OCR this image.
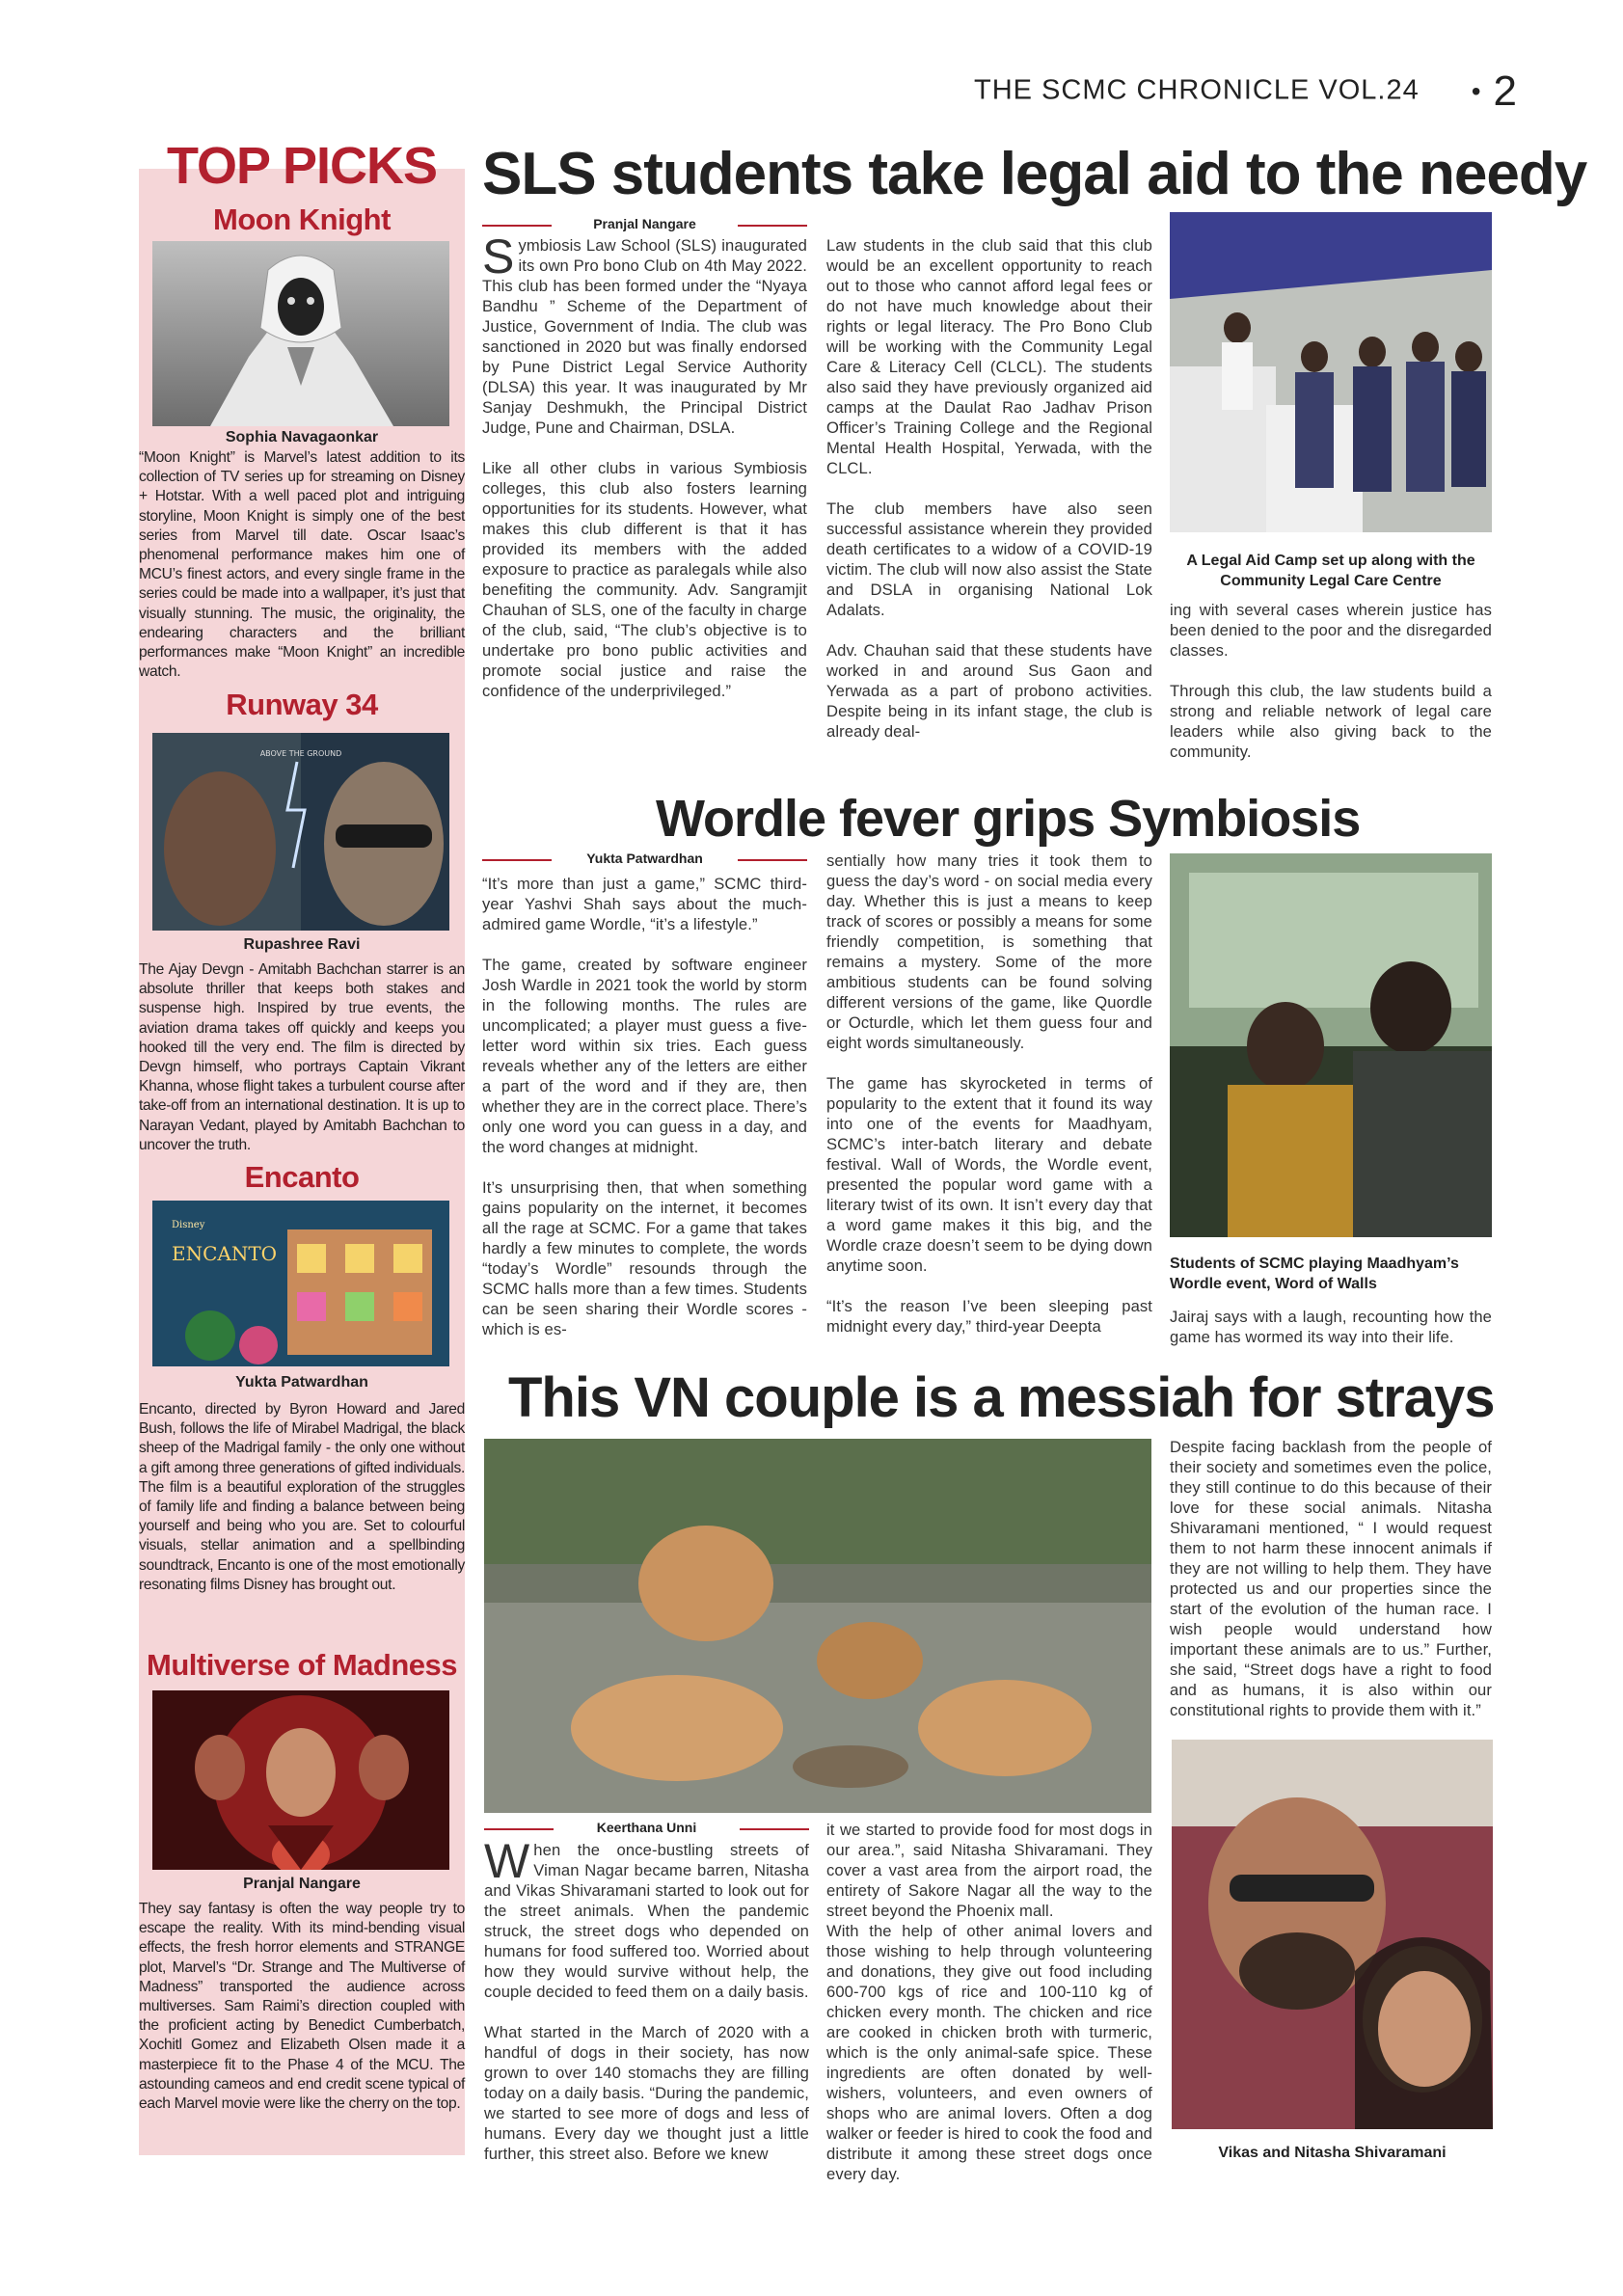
THE SCMC CHRONICLE VOL.24 • 2
TOP PICKS
Moon Knight
Sophia Navagaonkar
“Moon Knight” is Marvel’s latest addition to its collection of TV series up for streaming on Disney + Hotstar. With a well paced plot and intriguing storyline, Moon Knight is simply one of the best series from Marvel till date. Oscar Isaac’s phenomenal performance makes him one of MCU’s finest actors, and every single frame in the series could be made into a wallpaper, it’s just that visually stunning. The music, the originality, the endearing characters and the brilliant performances make “Moon Knight” an incredible watch.
Runway 34
ABOVE THE GROUND
Rupashree Ravi
The Ajay Devgn - Amitabh Bachchan starrer is an absolute thriller that keeps both stakes and suspense high. Inspired by true events, the aviation drama takes off quickly and keeps you hooked till the very end. The film is directed by Devgn himself, who portrays Captain Vikrant Khanna, whose flight takes a turbulent course after take-off from an international destination. It is up to Narayan Vedant, played by Amitabh Bachchan to uncover the truth.
Encanto
Disney
ENCANTO
Yukta Patwardhan
Encanto, directed by Byron Howard and Jared Bush, follows the life of Mirabel Madrigal, the black sheep of the Madrigal family - the only one without a gift among three generations of gifted individuals. The film is a beautiful exploration of the struggles of family life and finding a balance between being yourself and being who you are. Set to colourful visuals, stellar animation and a spellbinding soundtrack, Encanto is one of the most emotionally resonating films Disney has brought out.
Multiverse of Madness
Pranjal Nangare
They say fantasy is often the way people try to escape the reality. With its mind-bending visual effects, the fresh horror elements and STRANGE plot, Marvel’s “Dr. Strange and The Multiverse of Madness” transported the audience across multiverses. Sam Raimi’s direction coupled with the proficient acting by Benedict Cumberbatch, Xochitl Gomez and Elizabeth Olsen made it a masterpiece fit to the Phase 4 of the MCU. The astounding cameos and end credit scene typical of each Marvel movie were like the cherry on the top.
SLS students take legal aid to the needy
Pranjal Nangare

Symbiosis Law School (SLS) inaugurated its own Pro bono Club on 4th May 2022. This club has been formed under the “Nyaya Bandhu ” Scheme of the Department of Justice, Government of India. The club was sanctioned in 2020 but was finally endorsed by Pune District Legal Service Authority (DLSA) this year. It was inaugurated by Mr Sanjay Deshmukh, the Principal District Judge, Pune and Chairman, DSLA.

Like all other clubs in various Symbiosis colleges, this club also fosters learning opportunities for its students. However, what makes this club different is that it has provided its members with the added exposure to practice as paralegals while also benefiting the community. Adv. Sangramjit Chauhan of SLS, one of the faculty in charge of the club, said, “The club’s objective is to undertake pro bono public activities and promote social justice and raise the confidence of the underprivileged.”

Law students in the club said that this club would be an excellent opportunity to reach out to those who cannot afford legal fees or do not have much knowledge about their rights or legal literacy. The Pro Bono Club will be working with the Community Legal Care & Literacy Cell (CLCL). The students also said they have previously organized aid camps at the Daulat Rao Jadhav Prison Officer’s Training College and the Regional Mental Health Hospital, Yerwada, with the CLCL.

The club members have also seen successful assistance wherein they provided death certificates to a widow of a COVID-19 victim. The club will now also assist the State and DSLA in organising National Lok Adalats.

Adv. Chauhan said that these students have worked in and around Sus Gaon and Yerwada as a part of probono activities. Despite being in its infant stage, the club is already deal-

A Legal Aid Camp set up along with the Community Legal Care Centre

ing with several cases wherein justice has been denied to the poor and the disregarded classes.

Through this club, the law students build a strong and reliable network of legal care leaders while also giving back to the community.

Wordle fever grips Symbiosis
Yukta Patwardhan

“It’s more than just a game,” SCMC third-year Yashvi Shah says about the much-admired game Wordle, “it’s a lifestyle.”

The game, created by software engineer Josh Wardle in 2021 took the world by storm in the following months. The rules are uncomplicated; a player must guess a five-letter word within six tries. Each guess reveals whether any of the letters are either a part of the word and if they are, then whether they are in the correct place. There’s only one word you can guess in a day, and the word changes at midnight.

It’s unsurprising then, that when something gains popularity on the internet, it becomes all the rage at SCMC. For a game that takes hardly a few minutes to complete, the words “today’s Wordle” resounds through the SCMC halls more than a few times. Students can be seen sharing their Wordle scores - which is es-

sentially how many tries it took them to guess the day’s word - on social media every day. Whether this is just a means to keep track of scores or possibly a means for some friendly competition, is something that remains a mystery. Some of the more ambitious students can be found solving different versions of the game, like Quordle or Octurdle, which let them guess four and eight words simultaneously.

The game has skyrocketed in terms of popularity to the extent that it found its way into one of the events for Maadhyam, SCMC’s inter-batch literary and debate festival. Wall of Words, the Wordle event, presented the popular word game with a literary twist of its own. It isn’t every day that a word game makes it this big, and the Wordle craze doesn’t seem to be dying down anytime soon.

“It’s the reason I’ve been sleeping past midnight every day,” third-year Deepta

Students of SCMC playing Maadhyam’s Wordle event, Word of Walls

Jairaj says with a laugh, recounting how the game has wormed its way into their life.

This VN couple is a messiah for strays
Keerthana Unni

When the once-bustling streets of Viman Nagar became barren, Nitasha and Vikas Shivaramani started to look out for the street animals. When the pandemic struck, the street dogs who depended on humans for food suffered too. Worried about how they would survive without help, the couple decided to feed them on a daily basis.

What started in the March of 2020 with a handful of dogs in their society, has now grown to over 140 stomachs they are filling today on a daily basis. “During the pandemic, we started to see more of dogs and less of humans. Every day we thought just a little further, this street also. Before we knew

it we started to provide food for most dogs in our area.”, said Nitasha Shivaramani. They cover a vast area from the airport road, the entirety of Sakore Nagar all the way to the street beyond the Phoenix mall.

With the help of other animal lovers and those wishing to help through volunteering and donations, they give out food including 600-700 kgs of rice and 100-110 kg of chicken every month. The chicken and rice are cooked in chicken broth with turmeric, which is the only animal-safe spice. These ingredients are often donated by well-wishers, volunteers, and even owners of shops who are animal lovers. Often a dog walker or feeder is hired to cook the food and distribute it among these street dogs once every day.

Despite facing backlash from the people of their society and sometimes even the police, they still continue to do this because of their love for these social animals. Nitasha Shivaramani mentioned, “ I would request them to not harm these innocent animals if they are not willing to help them. They have protected us and our properties since the start of the evolution of the human race. I wish people would understand how important these animals are to us.” Further, she said, “Street dogs have a right to food and as humans, it is also within our constitutional rights to provide them with it.”

Vikas and Nitasha Shivaramani
